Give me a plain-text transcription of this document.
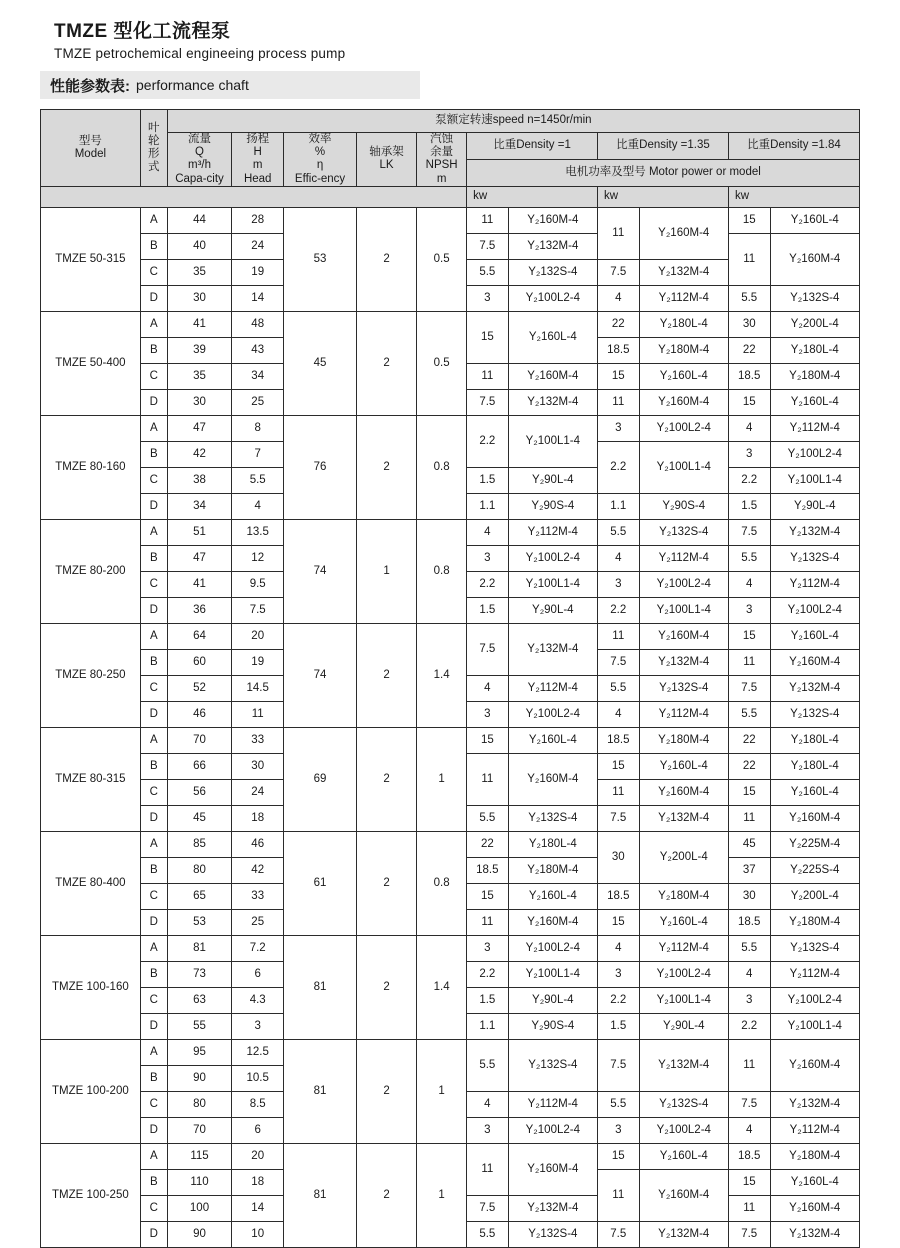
TMZE 型化工流程泵
TMZE petrochemical engineeing process pump
性能参数表: performance chaft
型号
Model

叶
轮
形
式
	泵额定转速speed n=1450r/min

流量
Q
m³/h
Capa-city

扬程
H
m
Head

效率
%
η
Effic-ency

轴承架
LK

汽蚀
余量
NPSH
m
	比重Density =1	比重Density =1.35	比重Density =1.84
							电机功率及型号 Motor power or model					
							kw		kw		kw	
TMZE 50-315	A	44	28	53	2	0.5	11	Y₂160M-4	11	Y₂160M-4	15	Y₂160L-4
	B	40	24				7.5	Y₂132M-4			11	Y₂160M-4
	C	35	19				5.5	Y₂132S-4	7.5	Y₂132M-4		
	D	30	14				3	Y₂100L2-4	4	Y₂112M-4	5.5	Y₂132S-4
TMZE 50-400	A	41	48	45	2	0.5	15	Y₂160L-4	22	Y₂180L-4	30	Y₂200L-4
	B	39	43						18.5	Y₂180M-4	22	Y₂180L-4
	C	35	34				11	Y₂160M-4	15	Y₂160L-4	18.5	Y₂180M-4
	D	30	25				7.5	Y₂132M-4	11	Y₂160M-4	15	Y₂160L-4
TMZE 80-160	A	47	8	76	2	0.8	2.2	Y₂100L1-4	3	Y₂100L2-4	4	Y₂112M-4
	B	42	7						2.2	Y₂100L1-4	3	Y₂100L2-4
	C	38	5.5				1.5	Y₂90L-4			2.2	Y₂100L1-4
	D	34	4				1.1	Y₂90S-4	1.1	Y₂90S-4	1.5	Y₂90L-4
TMZE 80-200	A	51	13.5	74	1	0.8	4	Y₂112M-4	5.5	Y₂132S-4	7.5	Y₂132M-4
	B	47	12				3	Y₂100L2-4	4	Y₂112M-4	5.5	Y₂132S-4
	C	41	9.5				2.2	Y₂100L1-4	3	Y₂100L2-4	4	Y₂112M-4
	D	36	7.5				1.5	Y₂90L-4	2.2	Y₂100L1-4	3	Y₂100L2-4
TMZE 80-250	A	64	20	74	2	1.4	7.5	Y₂132M-4	11	Y₂160M-4	15	Y₂160L-4
	B	60	19						7.5	Y₂132M-4	11	Y₂160M-4
	C	52	14.5				4	Y₂112M-4	5.5	Y₂132S-4	7.5	Y₂132M-4
	D	46	11				3	Y₂100L2-4	4	Y₂112M-4	5.5	Y₂132S-4
TMZE 80-315	A	70	33	69	2	1	15	Y₂160L-4	18.5	Y₂180M-4	22	Y₂180L-4
	B	66	30				11	Y₂160M-4	15	Y₂160L-4	22	Y₂180L-4
	C	56	24						11	Y₂160M-4	15	Y₂160L-4
	D	45	18				5.5	Y₂132S-4	7.5	Y₂132M-4	11	Y₂160M-4
TMZE 80-400	A	85	46	61	2	0.8	22	Y₂180L-4	30	Y₂200L-4	45	Y₂225M-4
	B	80	42				18.5	Y₂180M-4			37	Y₂225S-4
	C	65	33				15	Y₂160L-4	18.5	Y₂180M-4	30	Y₂200L-4
	D	53	25				11	Y₂160M-4	15	Y₂160L-4	18.5	Y₂180M-4
TMZE 100-160	A	81	7.2	81	2	1.4	3	Y₂100L2-4	4	Y₂112M-4	5.5	Y₂132S-4
	B	73	6				2.2	Y₂100L1-4	3	Y₂100L2-4	4	Y₂112M-4
	C	63	4.3				1.5	Y₂90L-4	2.2	Y₂100L1-4	3	Y₂100L2-4
	D	55	3				1.1	Y₂90S-4	1.5	Y₂90L-4	2.2	Y₂100L1-4
TMZE 100-200	A	95	12.5	81	2	1	5.5	Y₂132S-4	7.5	Y₂132M-4	11	Y₂160M-4
	B	90	10.5									
	C	80	8.5				4	Y₂112M-4	5.5	Y₂132S-4	7.5	Y₂132M-4
	D	70	6				3	Y₂100L2-4	3	Y₂100L2-4	4	Y₂112M-4
TMZE 100-250	A	115	20	81	2	1	11	Y₂160M-4	15	Y₂160L-4	18.5	Y₂180M-4
	B	110	18						11	Y₂160M-4	15	Y₂160L-4
	C	100	14				7.5	Y₂132M-4			11	Y₂160M-4
	D	90	10				5.5	Y₂132S-4	7.5	Y₂132M-4	7.5	Y₂132M-4
